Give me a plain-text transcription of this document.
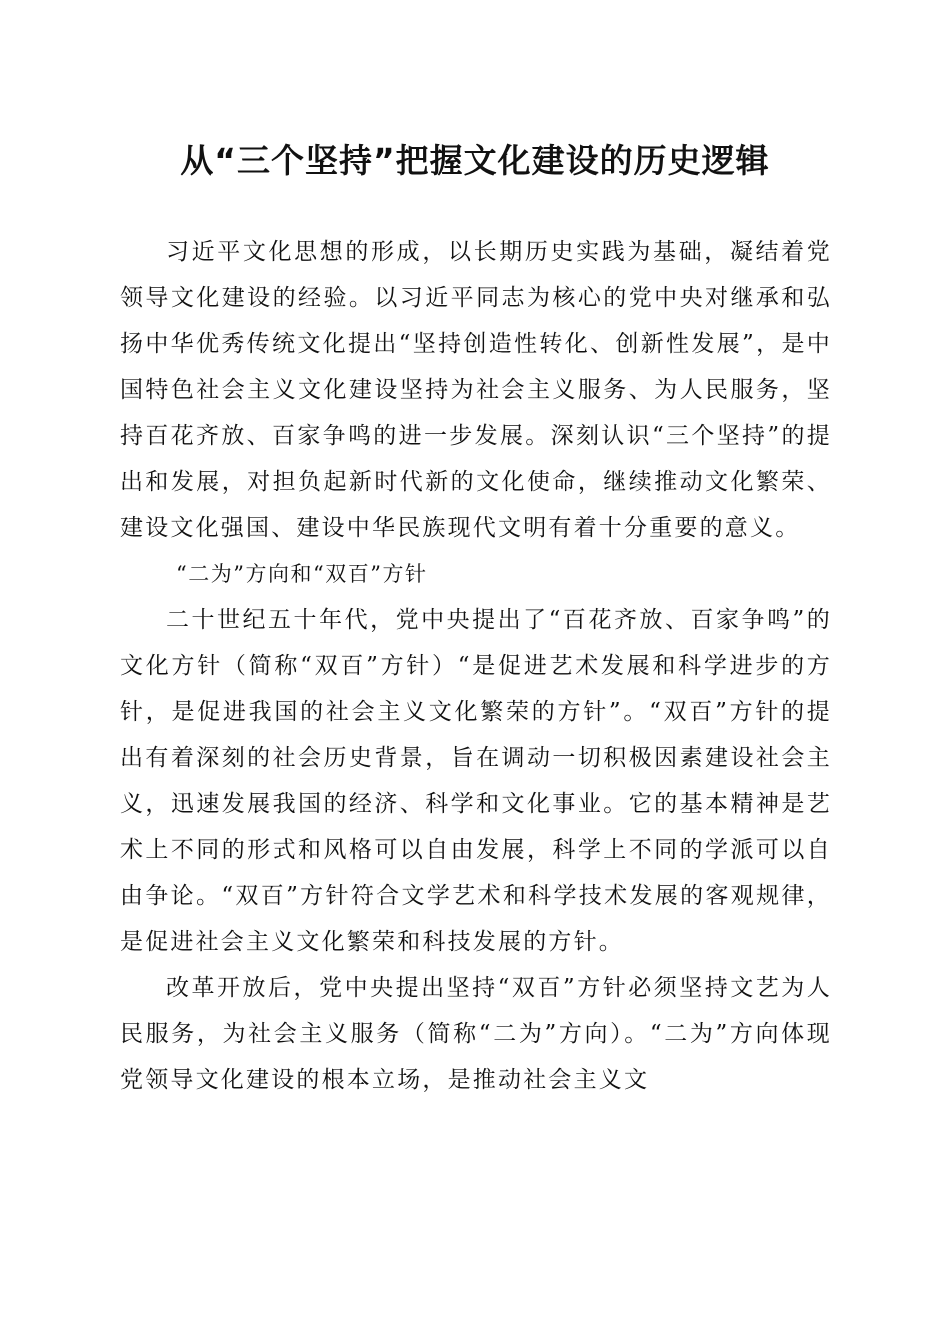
从“三个坚持”把握文化建设的历史逻辑

习近平文化思想的形成，以长期历史实践为基础，凝结着党领导文化建设的经验。以习近平同志为核心的党中央对继承和弘扬中华优秀传统文化提出“坚持创造性转化、创新性发展”，是中国特色社会主义文化建设坚持为社会主义服务、为人民服务，坚持百花齐放、百家争鸣的进一步发展。深刻认识“三个坚持”的提出和发展，对担负起新时代新的文化使命，继续推动文化繁荣、建设文化强国、建设中华民族现代文明有着十分重要的意义。

“二为”方向和“双百”方针

二十世纪五十年代，党中央提出了“百花齐放、百家争鸣”的文化方针（简称“双百”方针）“是促进艺术发展和科学进步的方针，是促进我国的社会主义文化繁荣的方针”。“双百”方针的提出有着深刻的社会历史背景，旨在调动一切积极因素建设社会主义，迅速发展我国的经济、科学和文化事业。它的基本精神是艺术上不同的形式和风格可以自由发展，科学上不同的学派可以自由争论。“双百”方针符合文学艺术和科学技术发展的客观规律，是促进社会主义文化繁荣和科技发展的方针。

改革开放后，党中央提出坚持“双百”方针必须坚持文艺为人民服务，为社会主义服务（简称“二为”方向）。“二为”方向体现党领导文化建设的根本立场，是推动社会主义文
